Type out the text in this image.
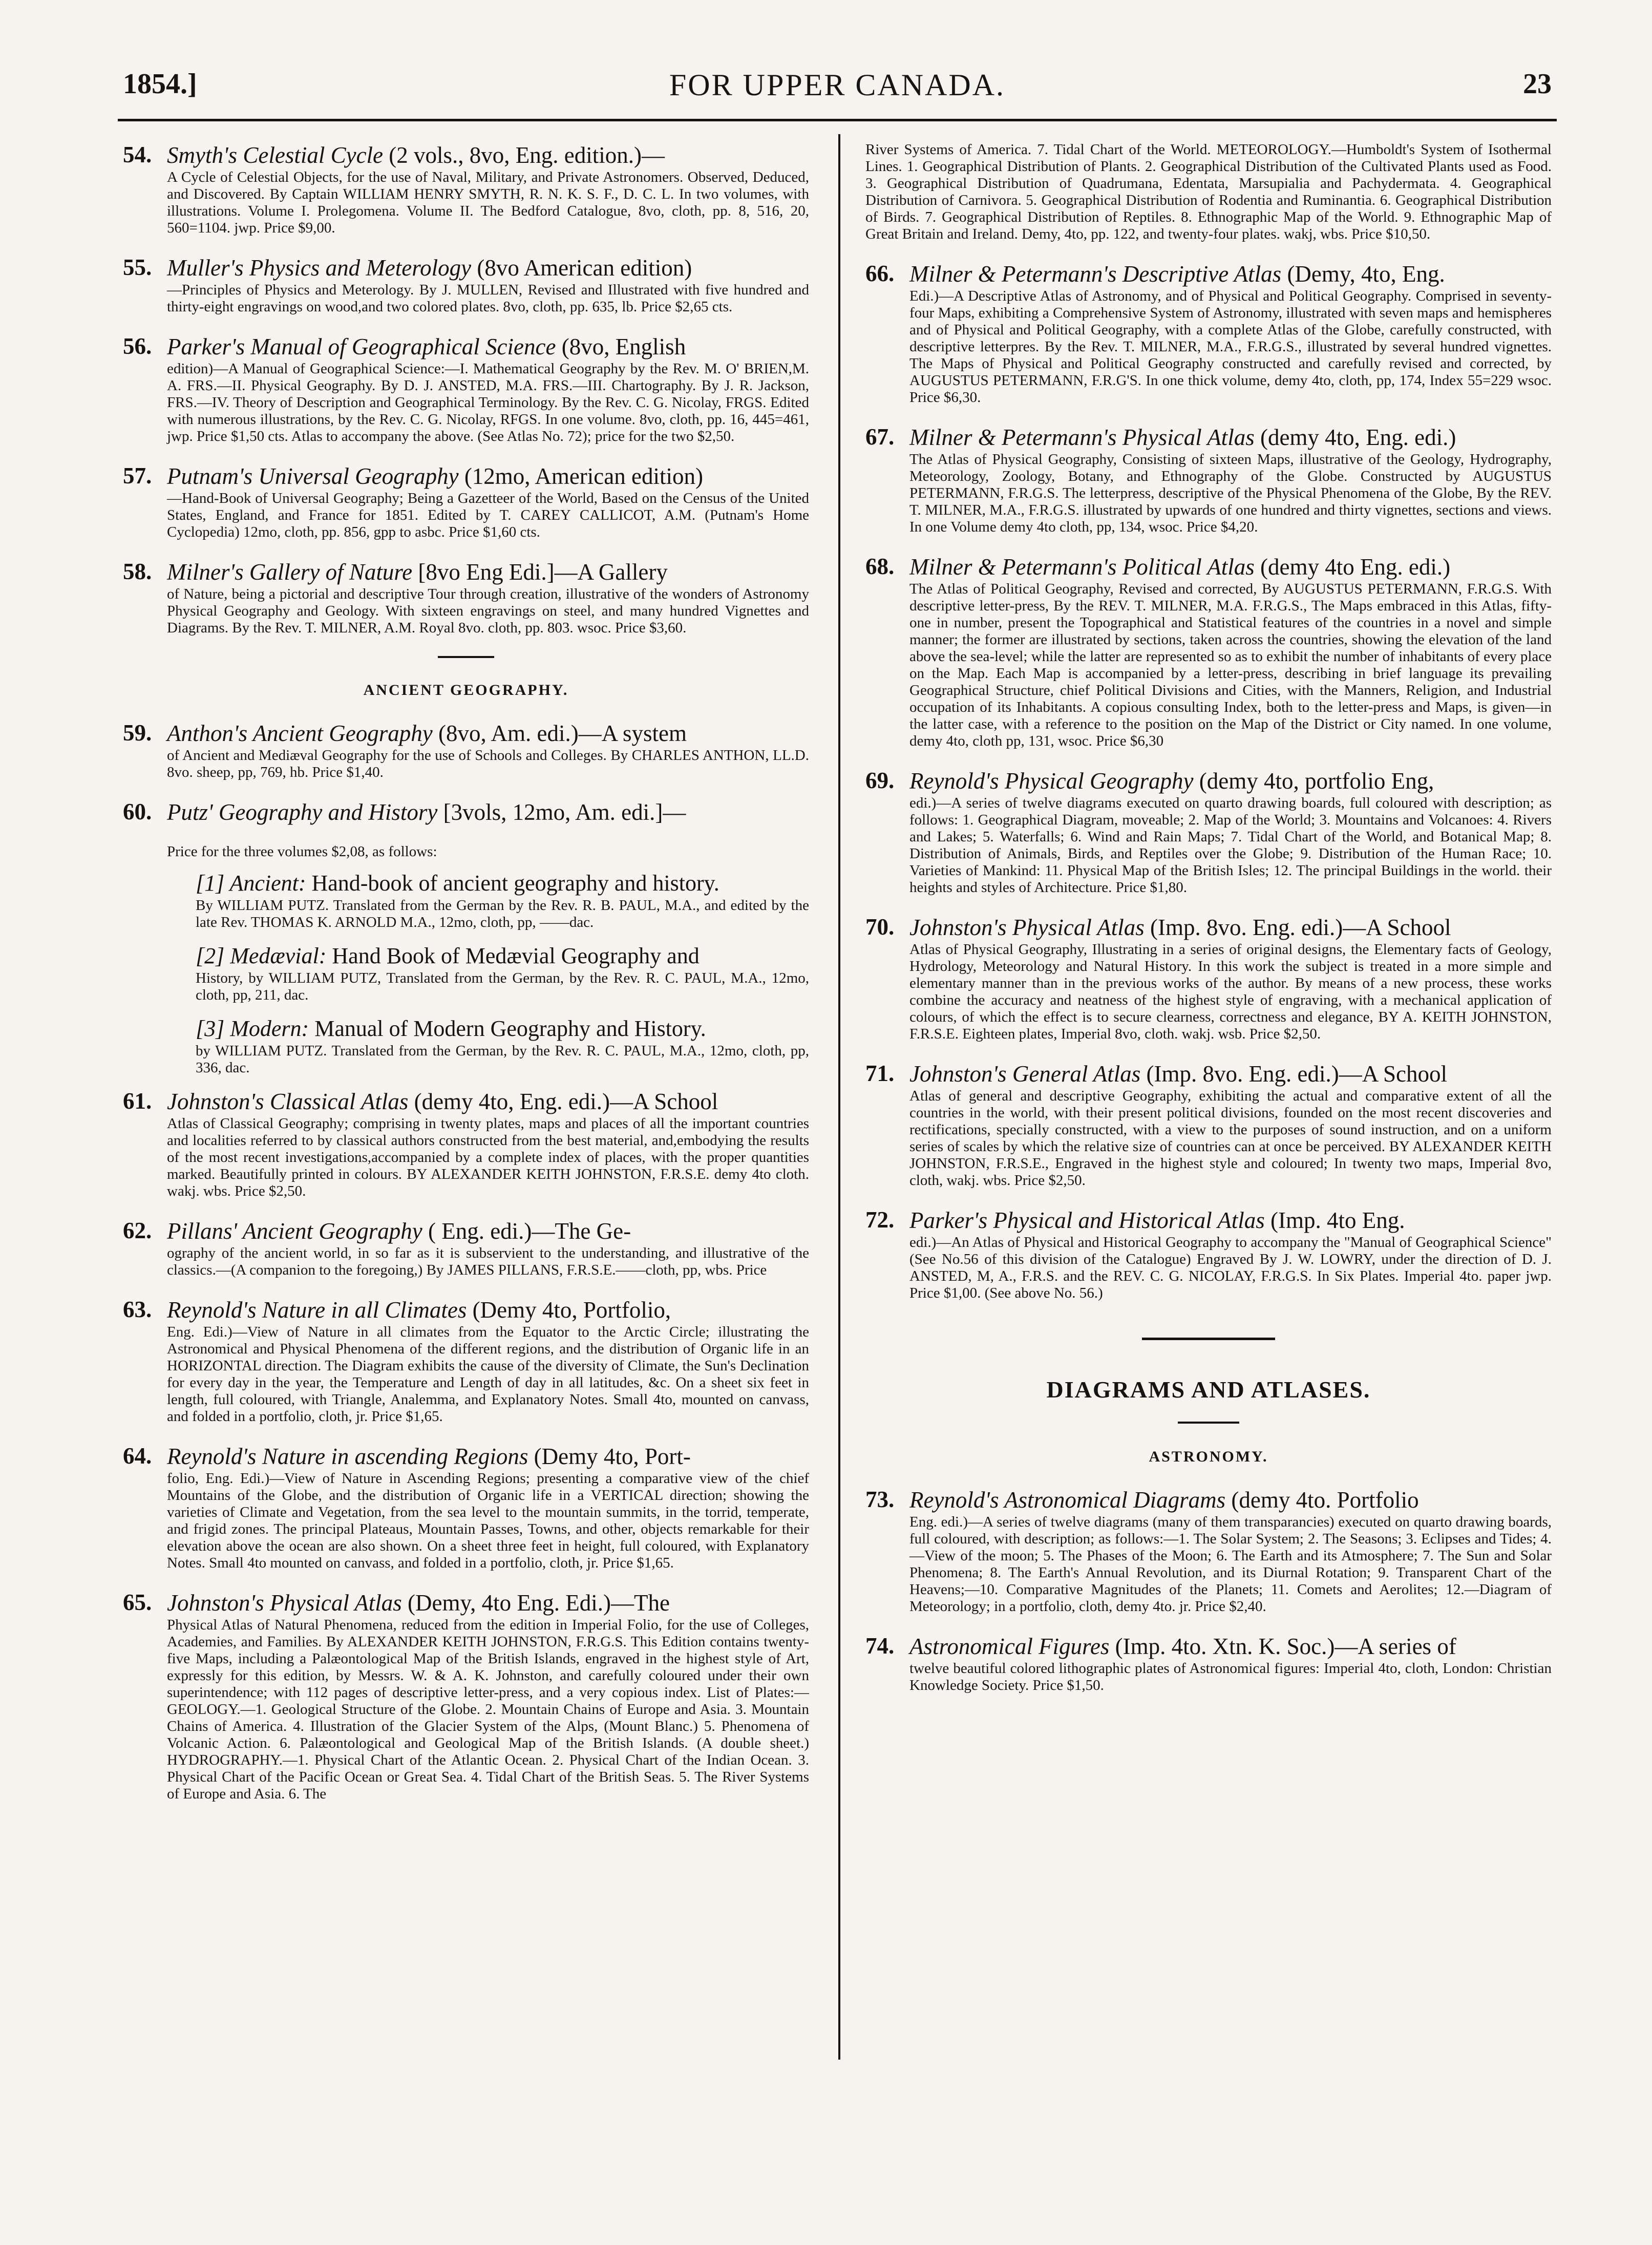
1854.]	FOR UPPER CANADA.	23
54. Smyth's Celestial Cycle (2 vols., 8vo, Eng. edition.)—
A Cycle of Celestial Objects, for the use of Naval, Military, and Private Astronomers. Observed, Deduced, and Discovered. By Captain WILLIAM HENRY SMYTH, R. N. K. S. F., D. C. L. In two volumes, with illustrations. Volume I. Prolegomena. Volume II. The Bedford Catalogue, 8vo, cloth, pp. 8, 516, 20, 560=1104. jwp. Price $9,00.
55. Muller's Physics and Meterology (8vo American edition)
—Principles of Physics and Meterology. By J. MULLEN, Revised and Illustrated with five hundred and thirty-eight engravings on wood,and two colored plates. 8vo, cloth, pp. 635, lb. Price $2,65 cts.
56. Parker's Manual of Geographical Science (8vo, English
edition)—A Manual of Geographical Science:—I. Mathematical Geography by the Rev. M. O' BRIEN,M. A. FRS.—II. Physical Geography. By D. J. ANSTED, M.A. FRS.—III. Chartography. By J. R. Jackson, FRS.—IV. Theory of Description and Geographical Terminology. By the Rev. C. G. Nicolay, FRGS. Edited with numerous illustrations, by the Rev. C. G. Nicolay, RFGS. In one volume. 8vo, cloth, pp. 16, 445=461, jwp. Price $1,50 cts. Atlas to accompany the above. (See Atlas No. 72); price for the two $2,50.
57. Putnam's Universal Geography (12mo, American edition)
—Hand-Book of Universal Geography; Being a Gazetteer of the World, Based on the Census of the United States, England, and France for 1851. Edited by T. CAREY CALLICOT, A.M. (Putnam's Home Cyclopedia) 12mo, cloth, pp. 856, gpp to asbc. Price $1,60 cts.
58. Milner's Gallery of Nature [8vo Eng Edi.]—A Gallery
of Nature, being a pictorial and descriptive Tour through creation, illustrative of the wonders of Astronomy Physical Geography and Geology. With sixteen engravings on steel, and many hundred Vignettes and Diagrams. By the Rev. T. MILNER, A.M. Royal 8vo. cloth, pp. 803. wsoc. Price $3,60.
ANCIENT GEOGRAPHY.
59. Anthon's Ancient Geography (8vo, Am. edi.)—A system
of Ancient and Mediæval Geography for the use of Schools and Colleges. By CHARLES ANTHON, LL.D. 8vo. sheep, pp, 769, hb. Price $1,40.
60. Putz' Geography and History [3vols, 12mo, Am. edi.]—
Price for the three volumes $2,08, as follows:
[1] Ancient: Hand-book of ancient geography and history.
By WILLIAM PUTZ. Translated from the German by the Rev. R. B. PAUL, M.A., and edited by the late Rev. THOMAS K. ARNOLD M.A., 12mo, cloth, pp, ——dac.
[2] Medævial: Hand Book of Medævial Geography and
History, by WILLIAM PUTZ, Translated from the German, by the Rev. R. C. PAUL, M.A., 12mo, cloth, pp, 211, dac.
[3] Modern: Manual of Modern Geography and History.
by WILLIAM PUTZ. Translated from the German, by the Rev. R. C. PAUL, M.A., 12mo, cloth, pp, 336, dac.
61. Johnston's Classical Atlas (demy 4to, Eng. edi.)—A School
Atlas of Classical Geography; comprising in twenty plates, maps and places of all the important countries and localities referred to by classical authors constructed from the best material, and,embodying the results of the most recent investigations,accompanied by a complete index of places, with the proper quantities marked. Beautifully printed in colours. BY ALEXANDER KEITH JOHNSTON, F.R.S.E. demy 4to cloth. wakj. wbs. Price $2,50.
62. Pillans' Ancient Geography ( Eng. edi.)—The Ge-
ography of the ancient world, in so far as it is subservient to the understanding, and illustrative of the classics.—(A companion to the foregoing,) By JAMES PILLANS, F.R.S.E.——cloth, pp, wbs. Price
63. Reynold's Nature in all Climates (Demy 4to, Portfolio,
Eng. Edi.)—View of Nature in all climates from the Equator to the Arctic Circle; illustrating the Astronomical and Physical Phenomena of the different regions, and the distribution of Organic life in an HORIZONTAL direction. The Diagram exhibits the cause of the diversity of Climate, the Sun's Declination for every day in the year, the Temperature and Length of day in all latitudes, &c. On a sheet six feet in length, full coloured, with Triangle, Analemma, and Explanatory Notes. Small 4to, mounted on canvass, and folded in a portfolio, cloth, jr. Price $1,65.
64. Reynold's Nature in ascending Regions (Demy 4to, Port-
folio, Eng. Edi.)—View of Nature in Ascending Regions; presenting a comparative view of the chief Mountains of the Globe, and the distribution of Organic life in a VERTICAL direction; showing the varieties of Climate and Vegetation, from the sea level to the mountain summits, in the torrid, temperate, and frigid zones. The principal Plateaus, Mountain Passes, Towns, and other, objects remarkable for their elevation above the ocean are also shown. On a sheet three feet in height, full coloured, with Explanatory Notes. Small 4to mounted on canvass, and folded in a portfolio, cloth, jr. Price $1,65.
65. Johnston's Physical Atlas (Demy, 4to Eng. Edi.)—The
Physical Atlas of Natural Phenomena, reduced from the edition in Imperial Folio, for the use of Colleges, Academies, and Families. By ALEXANDER KEITH JOHNSTON, F.R.G.S. This Edition contains twenty-five Maps, including a Palæontological Map of the British Islands, engraved in the highest style of Art, expressly for this edition, by Messrs. W. & A. K. Johnston, and carefully coloured under their own superintendence; with 112 pages of descriptive letter-press, and a very copious index. List of Plates:—GEOLOGY.—1. Geological Structure of the Globe. 2. Mountain Chains of Europe and Asia. 3. Mountain Chains of America. 4. Illustration of the Glacier System of the Alps, (Mount Blanc.) 5. Phenomena of Volcanic Action. 6. Palæontological and Geological Map of the British Islands. (A double sheet.) HYDROGRAPHY.—1. Physical Chart of the Atlantic Ocean. 2. Physical Chart of the Indian Ocean. 3. Physical Chart of the Pacific Ocean or Great Sea. 4. Tidal Chart of the British Seas. 5. The River Systems of Europe and Asia. 6. The
River Systems of America. 7. Tidal Chart of the World. METEOROLOGY.—Humboldt's System of Isothermal Lines. 1. Geographical Distribution of Plants. 2. Geographical Distribution of the Cultivated Plants used as Food. 3. Geographical Distribution of Quadrumana, Edentata, Marsupialia and Pachydermata. 4. Geographical Distribution of Carnivora. 5. Geographical Distribution of Rodentia and Ruminantia. 6. Geographical Distribution of Birds. 7. Geographical Distribution of Reptiles. 8. Ethnographic Map of the World. 9. Ethnographic Map of Great Britain and Ireland. Demy, 4to, pp. 122, and twenty-four plates. wakj, wbs. Price $10,50.
66. Milner & Petermann's Descriptive Atlas (Demy, 4to, Eng.
Edi.)—A Descriptive Atlas of Astronomy, and of Physical and Political Geography. Comprised in seventy-four Maps, exhibiting a Comprehensive System of Astronomy, illustrated with seven maps and hemispheres and of Physical and Political Geography, with a complete Atlas of the Globe, carefully constructed, with descriptive letterpres. By the Rev. T. MILNER, M.A., F.R.G.S., illustrated by several hundred vignettes. The Maps of Physical and Political Geography constructed and carefully revised and corrected, by AUGUSTUS PETERMANN, F.R.G'S. In one thick volume, demy 4to, cloth, pp, 174, Index 55=229 wsoc. Price $6,30.
67. Milner & Petermann's Physical Atlas (demy 4to, Eng. edi.)
The Atlas of Physical Geography, Consisting of sixteen Maps, illustrative of the Geology, Hydrography, Meteorology, Zoology, Botany, and Ethnography of the Globe. Constructed by AUGUSTUS PETERMANN, F.R.G.S. The letterpress, descriptive of the Physical Phenomena of the Globe, By the REV. T. MILNER, M.A., F.R.G.S. illustrated by upwards of one hundred and thirty vignettes, sections and views. In one Volume demy 4to cloth, pp, 134, wsoc. Price $4,20.
68. Milner & Petermann's Political Atlas (demy 4to Eng. edi.)
The Atlas of Political Geography, Revised and corrected, By AUGUSTUS PETERMANN, F.R.G.S. With descriptive letter-press, By the REV. T. MILNER, M.A. F.R.G.S., The Maps embraced in this Atlas, fifty-one in number, present the Topographical and Statistical features of the countries in a novel and simple manner; the former are illustrated by sections, taken across the countries, showing the elevation of the land above the sea-level; while the latter are represented so as to exhibit the number of inhabitants of every place on the Map. Each Map is accompanied by a letter-press, describing in brief language its prevailing Geographical Structure, chief Political Divisions and Cities, with the Manners, Religion, and Industrial occupation of its Inhabitants. A copious consulting Index, both to the letter-press and Maps, is given—in the latter case, with a reference to the position on the Map of the District or City named. In one volume, demy 4to, cloth pp, 131, wsoc. Price $6,30
69. Reynold's Physical Geography (demy 4to, portfolio Eng,
edi.)—A series of twelve diagrams executed on quarto drawing boards, full coloured with description; as follows: 1. Geographical Diagram, moveable; 2. Map of the World; 3. Mountains and Volcanoes: 4. Rivers and Lakes; 5. Waterfalls; 6. Wind and Rain Maps; 7. Tidal Chart of the World, and Botanical Map; 8. Distribution of Animals, Birds, and Reptiles over the Globe; 9. Distribution of the Human Race; 10. Varieties of Mankind: 11. Physical Map of the British Isles; 12. The principal Buildings in the world. their heights and styles of Architecture. Price $1,80.
70. Johnston's Physical Atlas (Imp. 8vo. Eng. edi.)—A School
Atlas of Physical Geography, Illustrating in a series of original designs, the Elementary facts of Geology, Hydrology, Meteorology and Natural History. In this work the subject is treated in a more simple and elementary manner than in the previous works of the author. By means of a new process, these works combine the accuracy and neatness of the highest style of engraving, with a mechanical application of colours, of which the effect is to secure clearness, correctness and elegance, BY A. KEITH JOHNSTON, F.R.S.E. Eighteen plates, Imperial 8vo, cloth. wakj. wsb. Price $2,50.
71. Johnston's General Atlas (Imp. 8vo. Eng. edi.)—A School
Atlas of general and descriptive Geography, exhibiting the actual and comparative extent of all the countries in the world, with their present political divisions, founded on the most recent discoveries and rectifications, specially constructed, with a view to the purposes of sound instruction, and on a uniform series of scales by which the relative size of countries can at once be perceived. BY ALEXANDER KEITH JOHNSTON, F.R.S.E., Engraved in the highest style and coloured; In twenty two maps, Imperial 8vo, cloth, wakj. wbs. Price $2,50.
72. Parker's Physical and Historical Atlas (Imp. 4to Eng.
edi.)—An Atlas of Physical and Historical Geography to accompany the "Manual of Geographical Science" (See No.56 of this division of the Catalogue) Engraved By J. W. LOWRY, under the direction of D. J. ANSTED, M, A., F.R.S. and the REV. C. G. NICOLAY, F.R.G.S. In Six Plates. Imperial 4to. paper jwp. Price $1,00. (See above No. 56.)
DIAGRAMS AND ATLASES.
ASTRONOMY.
73. Reynold's Astronomical Diagrams (demy 4to. Portfolio
Eng. edi.)—A series of twelve diagrams (many of them transparancies) executed on quarto drawing boards, full coloured, with description; as follows:—1. The Solar System; 2. The Seasons; 3. Eclipses and Tides; 4.—View of the moon; 5. The Phases of the Moon; 6. The Earth and its Atmosphere; 7. The Sun and Solar Phenomena; 8. The Earth's Annual Revolution, and its Diurnal Rotation; 9. Transparent Chart of the Heavens;—10. Comparative Magnitudes of the Planets; 11. Comets and Aerolites; 12.—Diagram of Meteorology; in a portfolio, cloth, demy 4to. jr. Price $2,40.
74. Astronomical Figures (Imp. 4to. Xtn. K. Soc.)—A series of
twelve beautiful colored lithographic plates of Astronomical figures: Imperial 4to, cloth, London: Christian Knowledge Society. Price $1,50.
